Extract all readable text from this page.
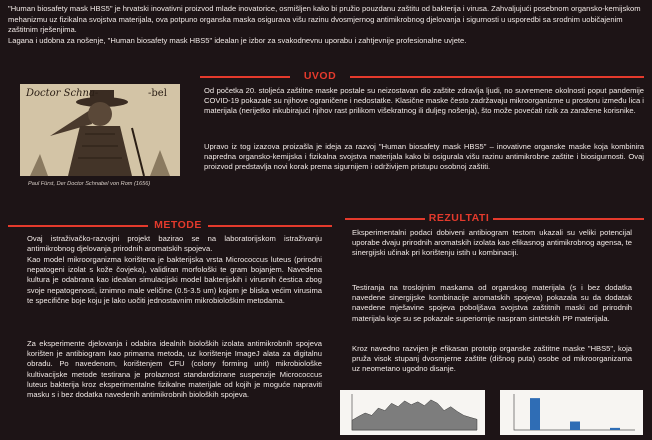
"Human biosafety mask HBS5" je hrvatski inovativni proizvod mlade inovatorice, osmišljen kako bi pružio pouzdanu zaštitu od bakterija i virusa. Zahvaljujući posebnom organsko-kemijskom mehanizmu uz fizikalna svojstva materijala, ova potpuno organska maska osigurava višu razinu dvosmjernog antimikrobnog djelovanja i sigurnosti u usporedbi sa srodnim uobičajenim zaštitnim rješenjima.

Lagana i udobna za nošenje, "Human biosafety mask HBS5" idealan je izbor za svakodnevnu uporabu i zahtjevnije profesionalne uvjete.

UVOD
Doctor Schna-	-bel
Paul Fürst, Der Doctor Schnabel von Rom (1656)

Od početka 20. stoljeća zaštitne maske postale su neizostavan dio zaštite zdravlja ljudi, no suvremene okolnosti poput pandemije COVID-19 pokazale su njihove ograničene i nedostatke. Klasične maske često zadržavaju mikroorganizme u prostoru između lica i materijala (nerijetko inkubirajući njihov rast prilikom višekratnog ili duljeg nošenja), što može povećati rizik za zaražene korisnike.

Upravo iz tog izazova proizašla je ideja za razvoj "Human biosafety mask HBS5" – inovativne organske maske koja kombinira napredna organsko-kemijska i fizikalna svojstva materijala kako bi osigurala višu razinu antimikrobne zaštite i biosigurnosti. Ovaj proizvod predstavlja novi korak prema sigurnijem i održivijem pristupu osobnoj zaštiti.

METODE

Ovaj istraživačko-razvojni projekt bazirao se na laboratorijskom istraživanju antimikrobnog djelovanja prirodnih aromatskih spojeva.

Kao model mikroorganizma korištena je bakterijska vrsta Micrococcus luteus (prirodni nepatogeni izolat s kože čovjeka), validiran morfološki te gram bojanjem. Navedena kultura je odabrana kao idealan simulacijski model bakterijskih i virusnih čestica zbog svoje nepatogenosti, iznimno male veličine (0.5-3.5 um) kojom je bliska većim virusima te specifične boje koju je lako uočiti jednostavnim mikrobiološkim metodama.

Za eksperimente djelovanja i odabira idealnih bioloških izolata antimikrobnih spojeva korišten je antibiogram kao primarna metoda, uz korištenje ImageJ alata za digitalnu obradu. Po navedenom, korištenjem CFU (colony forming unit) mikrobiološke kultivacijske metode testirana je prolaznost standardizirane suspenzije Micrococcus luteus bakterija kroz eksperimentalne fizikalne materijale od kojih je moguće napraviti masku s i bez dodatka navedenih antimikrobnih bioloških spojeva.

REZULTATI

Eksperimentalni podaci dobiveni antibiogram testom ukazali su veliki potencijal uporabe dvaju prirodnih aromatskih izolata kao efikasnog antimikrobnog agensa, te sinergijski učinak pri korištenju istih u kombinaciji.

Testiranja na troslojnim maskama od organskog materijala (s i bez dodatka navedene sinergijske kombinacije aromatskih spojeva) pokazala su da dodatak navedene mješavine spojeva poboljšava svojstva zaštitnih maski od prirodnih materijala koje su se pokazale superiornije naspram sintetskih PP materijala.

Kroz navedno razvijen je efikasan prototip organske zaštitne maske "HBS5", koja pruža visok stupanj dvosmjerne zaštite (dišnog puta) osobe od mikroorganizama uz neometano ugodno disanje.
